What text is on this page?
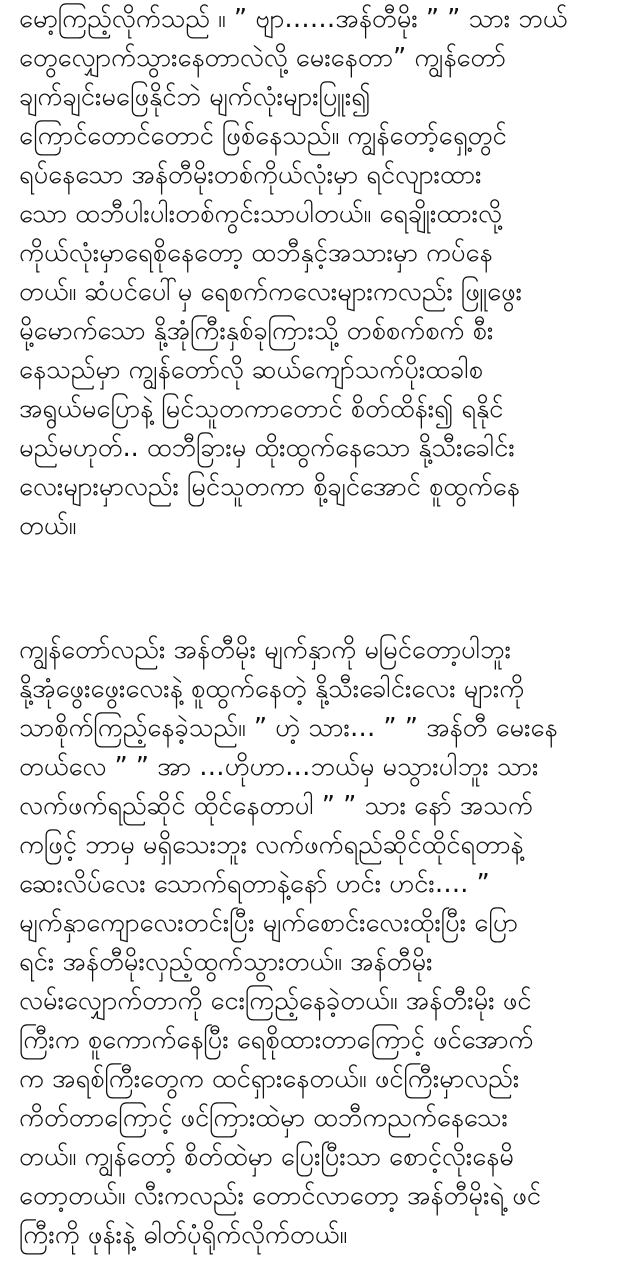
မော့ကြည့်လိုက်သည် ။ ” ဗျာ……အန်တီမိုး ” ” သား ဘယ်
တွေလျှောက်သွားနေတာလဲလို့ မေးနေတာ” ကျွန်တော်
ချက်ချင်းမဖြေနိုင်ဘဲ မျက်လုံးများပြူး၍
ကြောင်တောင်တောင် ဖြစ်နေသည်။ ကျွန်တော့်ရှေ့တွင်
ရပ်နေသော အန်တီမိုးတစ်ကိုယ်လုံးမှာ ရင်လျားထား
သော ထဘီပါးပါးတစ်ကွင်းသာပါတယ်။ ရေချိုးထားလို့
ကိုယ်လုံးမှာရေစိုနေတော့ ထဘီနှင့်အသားမှာ ကပ်နေ
တယ်။ ဆံပင်ပေါ်မှ ရေစက်ကလေးများကလည်း ဖြူဖွေး
မို့မောက်သော နို့အုံကြီးနှစ်ခုကြားသို့ တစ်စက်စက် စီး
နေသည်မှာ ကျွန်တော်လို ဆယ်ကျော်သက်ပိုးထခါစ
အရွယ်မပြောနဲ့ မြင်သူတကာတောင် စိတ်ထိန်း၍ ရနိုင်
မည်မဟုတ်.. ထဘီခြားမှ ထိုးထွက်နေသော နို့သီးခေါင်း
လေးများမှာလည်း မြင်သူတကာ စို့ချင်အောင် စူထွက်နေ
တယ်။
ကျွန်တော်လည်း အန်တီမိုး မျက်နှာကို မမြင်တော့ပါဘူး
နို့အုံဖွေးဖွေးလေးနဲ့ စူထွက်နေတဲ့ နို့သီးခေါင်းလေး များကို
သာစိုက်ကြည့်နေခဲ့သည်။ ” ဟဲ့ သား… ” ” အန်တီ မေးနေ
တယ်လေ ” ” အာ …ဟိုဟာ…ဘယ်မှ မသွားပါဘူး သား
လက်ဖက်ရည်ဆိုင် ထိုင်နေတာပါ ” ” သား နော် အသက်
ကဖြင့် ဘာမှ မရှိသေးဘူး လက်ဖက်ရည်ဆိုင်ထိုင်ရတာနဲ့
ဆေးလိပ်လေး သောက်ရတာနဲ့နော် ဟင်း ဟင်း…. ”
မျက်နှာကျောလေးတင်းပြီး မျက်စောင်းလေးထိုးပြီး ပြော
ရင်း အန်တီမိုးလှည့်ထွက်သွားတယ်။ အန်တီမိုး
လမ်းလျှောက်တာကို ငေးကြည့်နေခဲ့တယ်။ အန်တီးမိုး ဖင်
ကြီးက စူကောက်နေပြီး ရေစိုထားတာကြောင့် ဖင်အောက်
က အရစ်ကြီးတွေက ထင်ရှားနေတယ်။ ဖင်ကြီးမှာလည်း
ကိတ်တာကြောင့် ဖင်ကြားထဲမှာ ထဘီကညက်နေသေး
တယ်။ ကျွန်တော့် စိတ်ထဲမှာ ပြေးပြီးသာ စောင့်လိုးနေမိ
တော့တယ်။ လီးကလည်း တောင်လာတော့ အန်တီမိုးရဲ့ ဖင်
ကြီးကို ဖုန်းနဲ့ ဓါတ်ပုံရိုက်လိုက်တယ်။
